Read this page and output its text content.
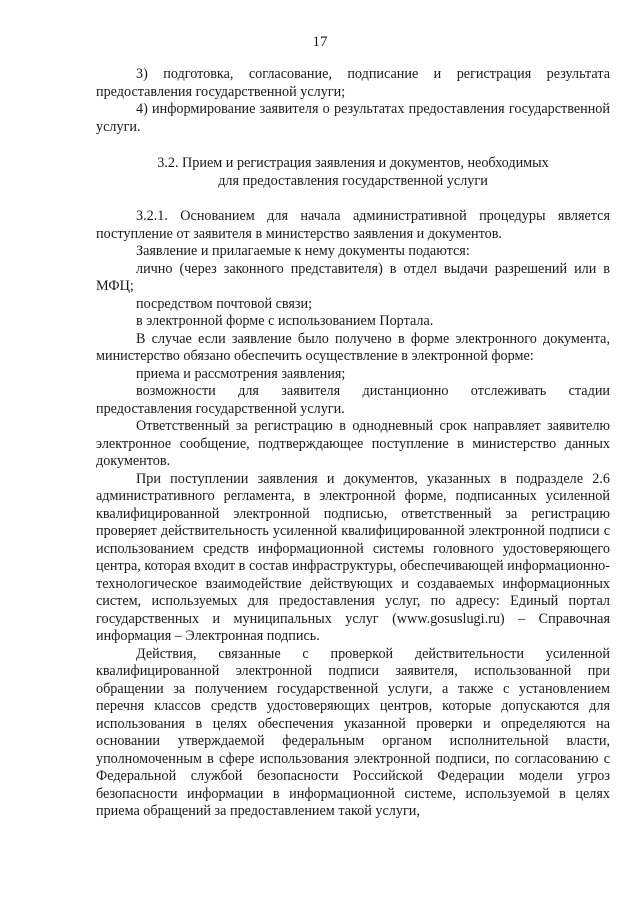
17

3) подготовка, согласование, подписание и регистрация результата предоставления государственной услуги;

4) информирование заявителя о результатах предоставления государственной услуги.

3.2. Прием и регистрация заявления и документов, необходимых
для предоставления государственной услуги

3.2.1. Основанием для начала административной процедуры является поступление от заявителя в министерство заявления и документов.

Заявление и прилагаемые к нему документы подаются:

лично (через законного представителя) в отдел выдачи разрешений или в МФЦ;

посредством почтовой связи;

в электронной форме с использованием Портала.

В случае если заявление было получено в форме электронного документа, министерство обязано обеспечить осуществление в электронной форме:

приема и рассмотрения заявления;

возможности для заявителя дистанционно отслеживать стадии предоставления государственной услуги.

Ответственный за регистрацию в однодневный срок направляет заявителю электронное сообщение, подтверждающее поступление в министерство данных документов.

При поступлении заявления и документов, указанных в подразделе 2.6 административного регламента, в электронной форме, подписанных усиленной квалифицированной электронной подписью, ответственный за регистрацию проверяет действительность усиленной квалифицированной электронной подписи с использованием средств информационной системы головного удостоверяющего центра, которая входит в состав инфраструктуры, обеспечивающей информационно-технологическое взаимодействие действующих и создаваемых информационных систем, используемых для предоставления услуг, по адресу: Единый портал государственных и муниципальных услуг (www.gosuslugi.ru) – Справочная информация – Электронная подпись.

Действия, связанные с проверкой действительности усиленной квалифицированной электронной подписи заявителя, использованной при обращении за получением государственной услуги, а также с установлением перечня классов средств удостоверяющих центров, которые допускаются для использования в целях обеспечения указанной проверки и определяются на основании утверждаемой федеральным органом исполнительной власти, уполномоченным в сфере использования электронной подписи, по согласованию с Федеральной службой безопасности Российской Федерации модели угроз безопасности информации в информационной системе, используемой в целях приема обращений за предоставлением такой услуги,
